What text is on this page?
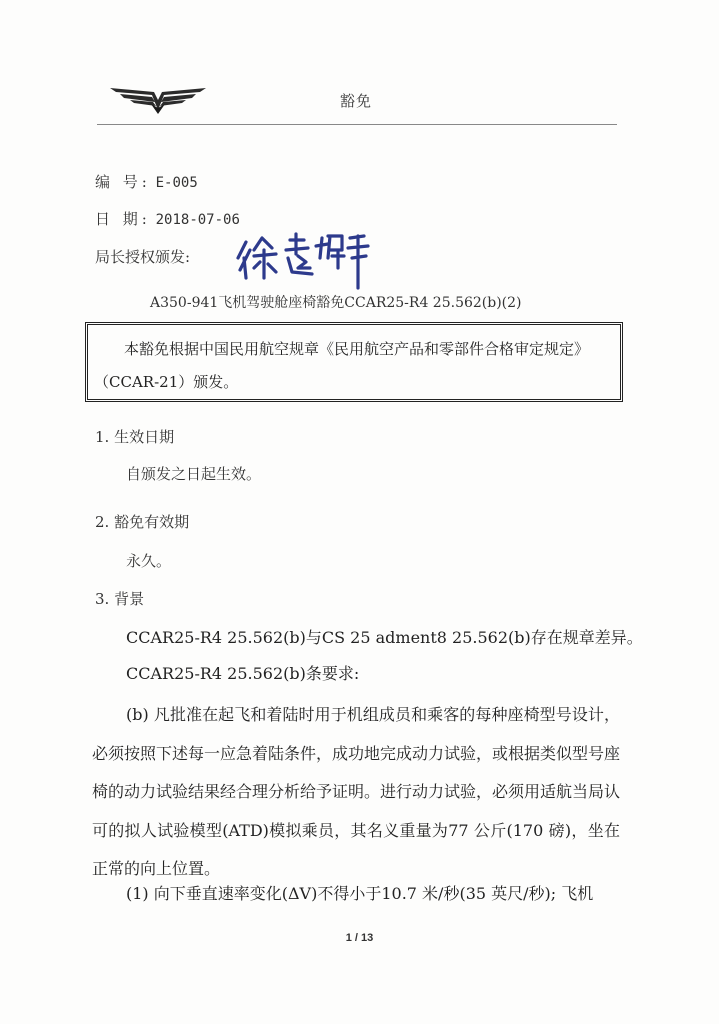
豁免
编 号: E-005
日 期: 2018-07-06
局长授权颁发:
A350-941飞机驾驶舱座椅豁免CCAR25-R4 25.562(b)(2)
本豁免根据中国民用航空规章《民用航空产品和零部件合格审定规定》（CCAR-21）颁发。
1. 生效日期
自颁发之日起生效。
2. 豁免有效期
永久。
3. 背景
CCAR25-R4 25.562(b)与CS 25 adment8 25.562(b)存在规章差异。
CCAR25-R4 25.562(b)条要求:
(b) 凡批准在起飞和着陆时用于机组成员和乘客的每种座椅型号设计，必须按照下述每一应急着陆条件，成功地完成动力试验，或根据类似型号座椅的动力试验结果经合理分析给予证明。进行动力试验，必须用适航当局认可的拟人试验模型(ATD)模拟乘员，其名义重量为77 公斤(170 磅)，坐在正常的向上位置。
(1) 向下垂直速率变化(ΔV)不得小于10.7 米/秒(35 英尺/秒); 飞机
1 / 13
